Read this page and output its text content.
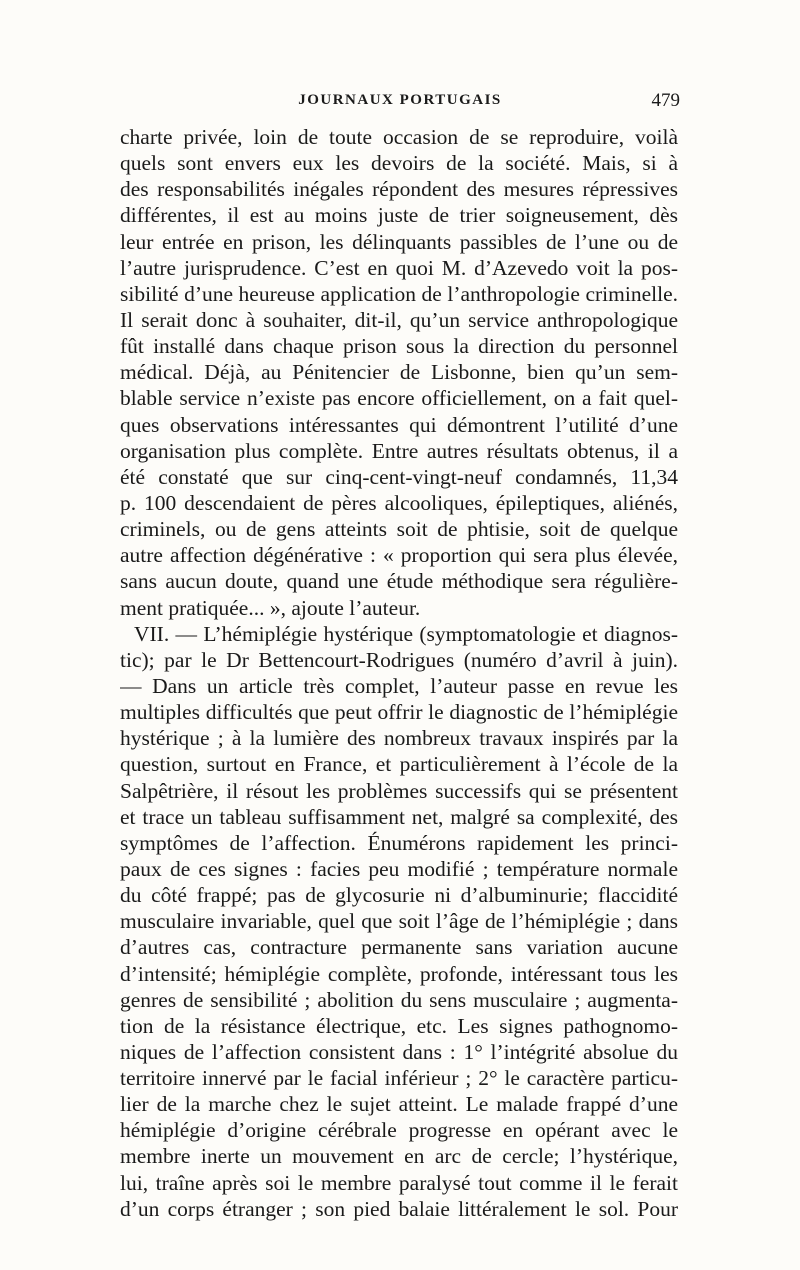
JOURNAUX PORTUGAIS	479
charte privée, loin de toute occasion de se reproduire, voilà
quels sont envers eux les devoirs de la société. Mais, si à
des responsabilités inégales répondent des mesures répressives
différentes, il est au moins juste de trier soigneusement, dès
leur entrée en prison, les délinquants passibles de l’une ou de
l’autre jurisprudence. C’est en quoi M. d’Azevedo voit la pos-
sibilité d’une heureuse application de l’anthropologie criminelle.
Il serait donc à souhaiter, dit-il, qu’un service anthropologique
fût installé dans chaque prison sous la direction du personnel
médical. Déjà, au Pénitencier de Lisbonne, bien qu’un sem-
blable service n’existe pas encore officiellement, on a fait quel-
ques observations intéressantes qui démontrent l’utilité d’une
organisation plus complète. Entre autres résultats obtenus, il a
été constaté que sur cinq-cent-vingt-neuf condamnés, 11,34
p. 100 descendaient de pères alcooliques, épileptiques, aliénés,
criminels, ou de gens atteints soit de phtisie, soit de quelque
autre affection dégénérative : « proportion qui sera plus élevée,
sans aucun doute, quand une étude méthodique sera régulière-
ment pratiquée... », ajoute l’auteur.
VII. — L’hémiplégie hystérique (symptomatologie et diagnos-
tic); par le Dr Bettencourt-Rodrigues (numéro d’avril à juin).
— Dans un article très complet, l’auteur passe en revue les
multiples difficultés que peut offrir le diagnostic de l’hémiplégie
hystérique ; à la lumière des nombreux travaux inspirés par la
question, surtout en France, et particulièrement à l’école de la
Salpêtrière, il résout les problèmes successifs qui se présentent
et trace un tableau suffisamment net, malgré sa complexité, des
symptômes de l’affection. Énumérons rapidement les princi-
paux de ces signes : facies peu modifié ; température normale
du côté frappé; pas de glycosurie ni d’albuminurie; flaccidité
musculaire invariable, quel que soit l’âge de l’hémiplégie ; dans
d’autres cas, contracture permanente sans variation aucune
d’intensité; hémiplégie complète, profonde, intéressant tous les
genres de sensibilité ; abolition du sens musculaire ; augmenta-
tion de la résistance électrique, etc. Les signes pathognomo-
niques de l’affection consistent dans : 1° l’intégrité absolue du
territoire innervé par le facial inférieur ; 2° le caractère particu-
lier de la marche chez le sujet atteint. Le malade frappé d’une
hémiplégie d’origine cérébrale progresse en opérant avec le
membre inerte un mouvement en arc de cercle; l’hystérique,
lui, traîne après soi le membre paralysé tout comme il le ferait
d’un corps étranger ; son pied balaie littéralement le sol. Pour
